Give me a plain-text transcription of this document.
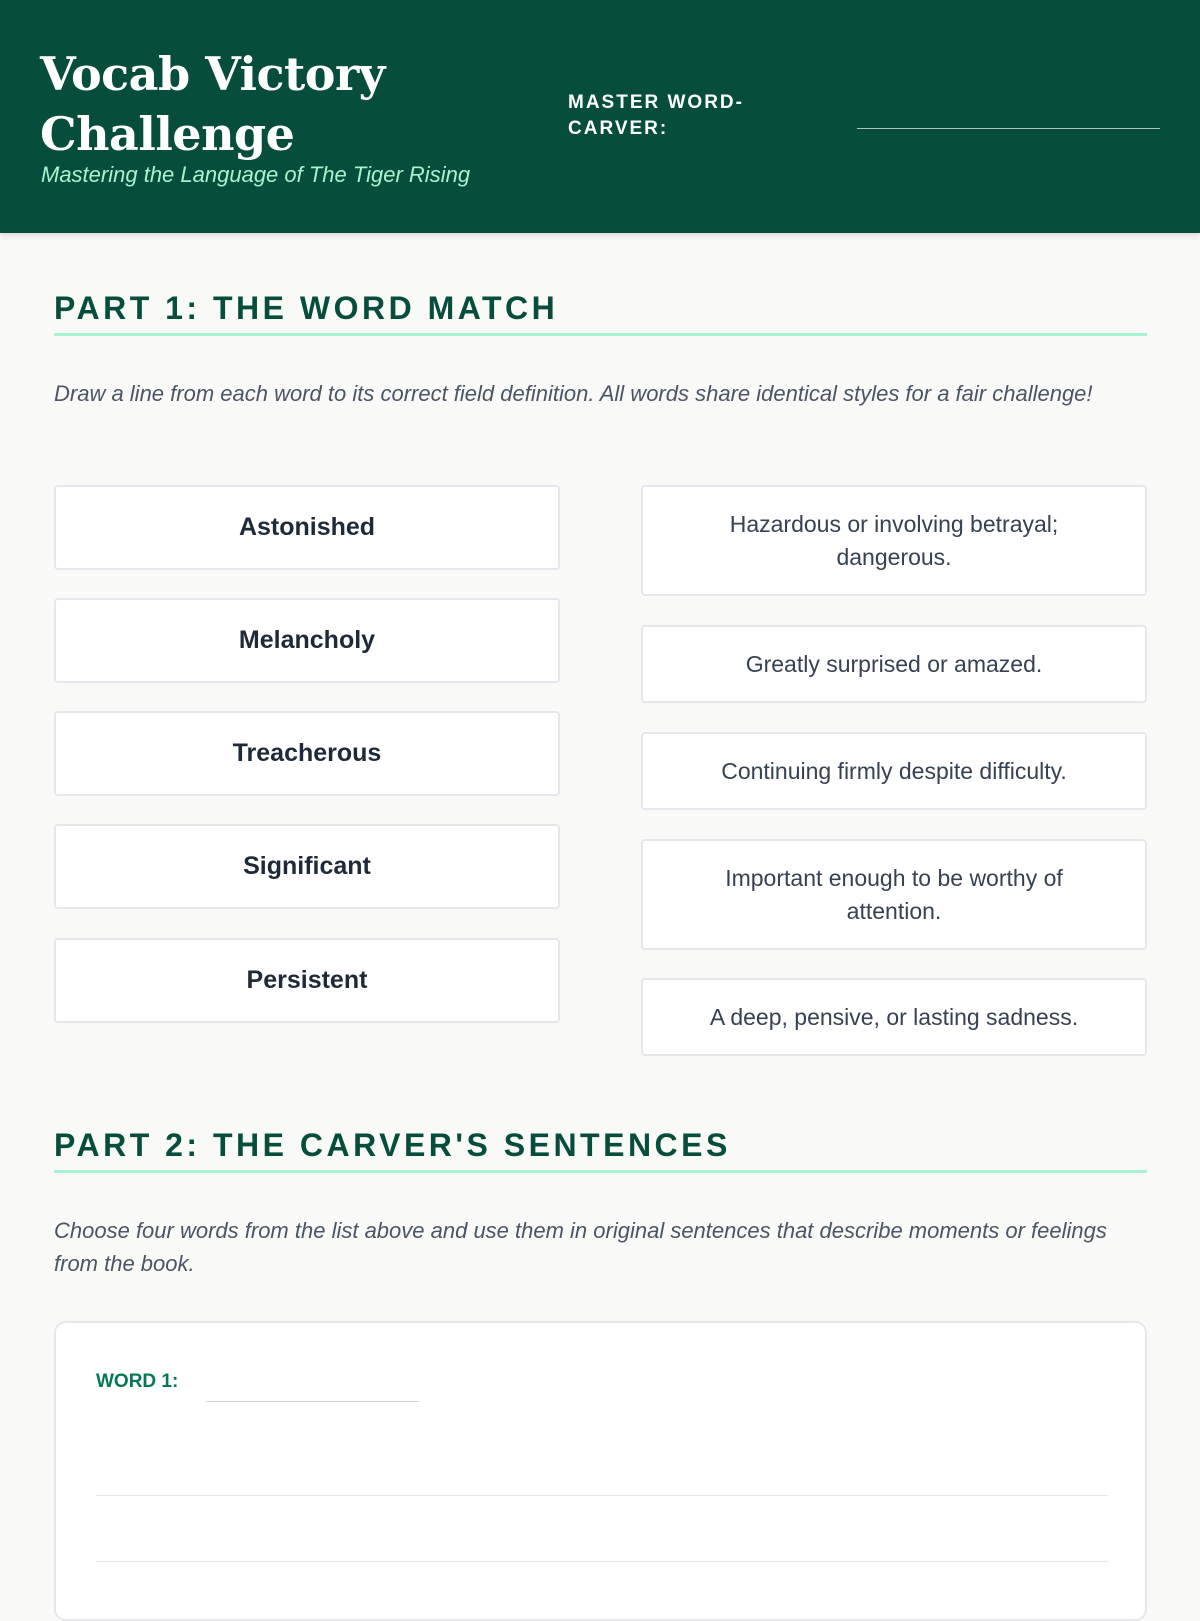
Vocab Victory Challenge
Mastering the Language of The Tiger Rising
MASTER WORD-CARVER:
PART 1: THE WORD MATCH
Draw a line from each word to its correct field definition. All words share identical styles for a fair challenge!
Astonished
Melancholy
Treacherous
Significant
Persistent
Hazardous or involving betrayal; dangerous.
Greatly surprised or amazed.
Continuing firmly despite difficulty.
Important enough to be worthy of attention.
A deep, pensive, or lasting sadness.
PART 2: THE CARVER'S SENTENCES
Choose four words from the list above and use them in original sentences that describe moments or feelings from the book.
WORD 1:
